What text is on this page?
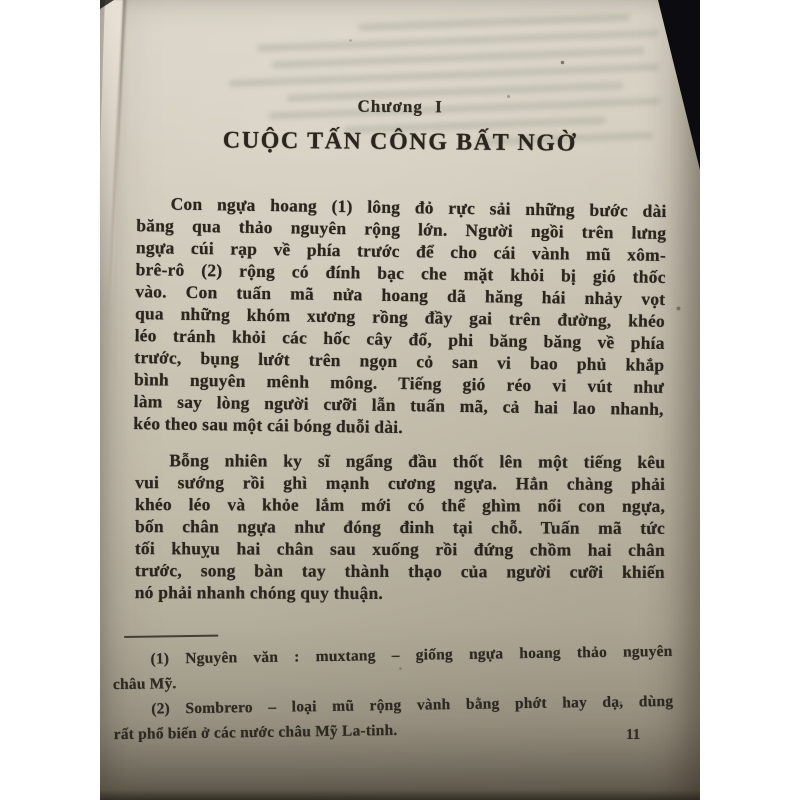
Chương I
CUỘC TẤN CÔNG BẤT NGỜ
Con ngựa hoang (1) lông đỏ rực sải những bước dài
băng qua thảo nguyên rộng lớn. Người ngồi trên lưng
ngựa cúi rạp về phía trước để cho cái vành mũ xôm-
brê-rô (2) rộng có đính bạc che mặt khỏi bị gió thốc
vào. Con tuấn mã nửa hoang dã hăng hái nhảy vọt
qua những khóm xương rồng đầy gai trên đường, khéo
léo tránh khỏi các hốc cây đổ, phi băng băng về phía
trước, bụng lướt trên ngọn cỏ san vi bao phủ khắp
bình nguyên mênh mông. Tiếng gió réo vi vút như
làm say lòng người cưỡi lẫn tuấn mã, cả hai lao nhanh,
kéo theo sau một cái bóng duỗi dài.
Bỗng nhiên ky sĩ ngẩng đầu thốt lên một tiếng kêu
vui sướng rồi ghì mạnh cương ngựa. Hẳn chàng phải
khéo léo và khỏe lắm mới có thể ghìm nổi con ngựa,
bốn chân ngựa như đóng đinh tại chỗ. Tuấn mã tức
tối khuỵu hai chân sau xuống rồi đứng chồm hai chân
trước, song bàn tay thành thạo của người cưỡi khiến
nó phải nhanh chóng quy thuận.
(1) Nguyên văn : muxtang – giống ngựa hoang thảo nguyên
châu Mỹ.
(2) Sombrero – loại mũ rộng vành bằng phớt hay dạ, dùng
rất phổ biến ở các nước châu Mỹ La-tinh.	11
